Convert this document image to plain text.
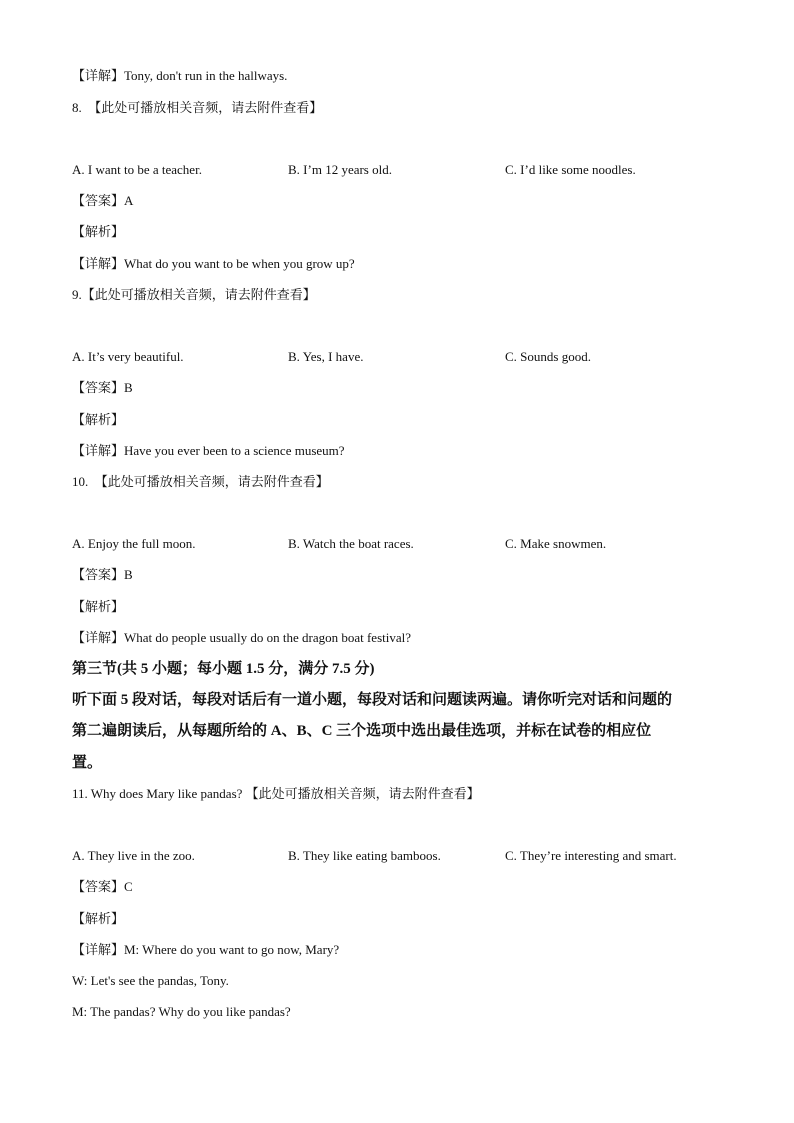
【详解】Tony, don't run in the hallways.
8.　【此处可播放相关音频，请去附件查看】
A. I want to be a teacher.	B. I’m 12 years old.	C. I’d like some noodles.
【答案】A
【解析】
【详解】What do you want to be when you grow up?
9.【此处可播放相关音频，请去附件查看】
A. It’s very beautiful.	B. Yes, I have.	C. Sounds good.
【答案】B
【解析】
【详解】Have you ever been to a science museum?
10.　【此处可播放相关音频，请去附件查看】
A. Enjoy the full moon.	B. Watch the boat races.	C. Make snowmen.
【答案】B
【解析】
【详解】What do people usually do on the dragon boat festival?
第三节(共 5 小题；每小题 1.5 分，满分 7.5 分)
听下面 5 段对话，每段对话后有一道小题，每段对话和问题读两遍。请你听完对话和问题的
第二遍朗读后，从每题所给的 A、B、C 三个选项中选出最佳选项，并标在试卷的相应位
置。
11. Why does Mary like pandas? 【此处可播放相关音频，请去附件查看】
A. They live in the zoo.	B. They like eating bamboos.	C. They’re interesting and smart.
【答案】C
【解析】
【详解】M: Where do you want to go now, Mary?
W: Let's see the pandas, Tony.
M: The pandas? Why do you like pandas?
